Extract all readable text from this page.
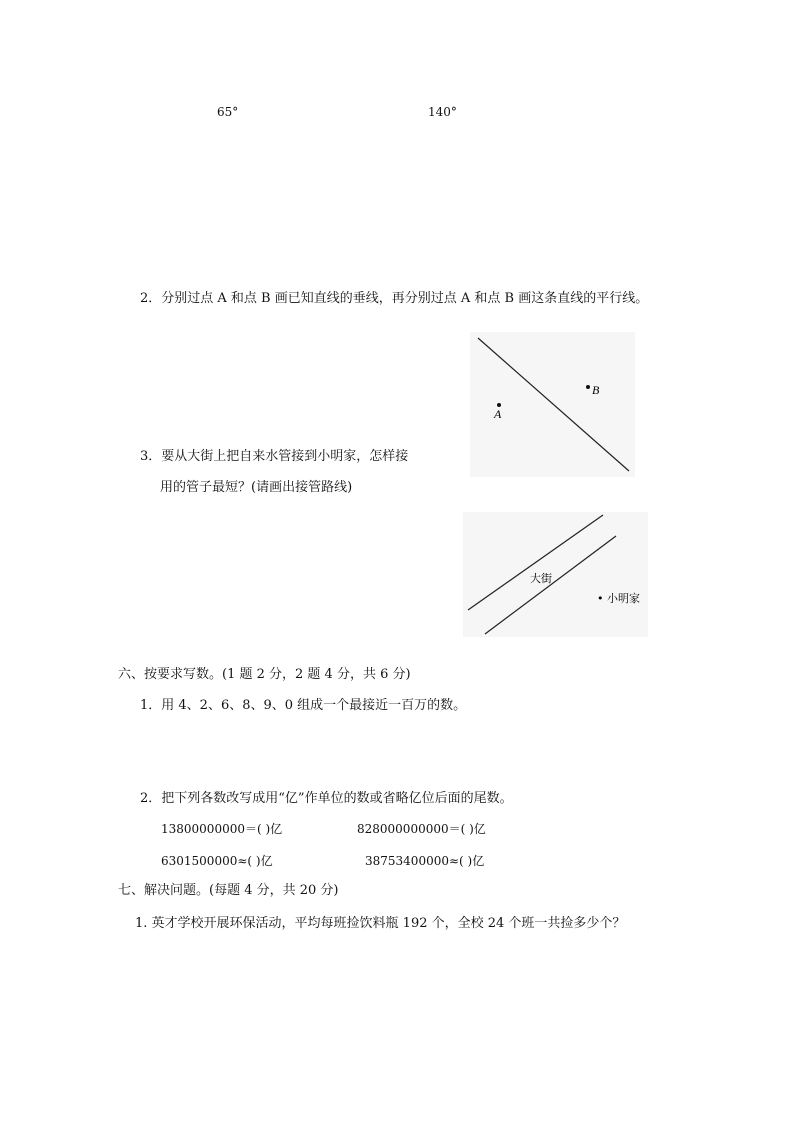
65°	140°
2．分别过点 A 和点 B 画已知直线的垂线，再分别过点 A 和点 B 画这条直线的平行线。
B
A
3．要从大街上把自来水管接到小明家，怎样接
用的管子最短？(请画出接管路线)
大街
• 小明家
六、按要求写数。(1 题 2 分，2 题 4 分，共 6 分)
1．用 4、2、6、8、9、0 组成一个最接近一百万的数。
2．把下列各数改写成用“亿”作单位的数或省略亿位后面的尾数。
13800000000＝( )亿	828000000000＝( )亿
6301500000≈( )亿	38753400000≈( )亿
七、解决问题。(每题 4 分，共 20 分)
1. 英才学校开展环保活动，平均每班捡饮料瓶 192 个，全校 24 个班一共捡多少个？
